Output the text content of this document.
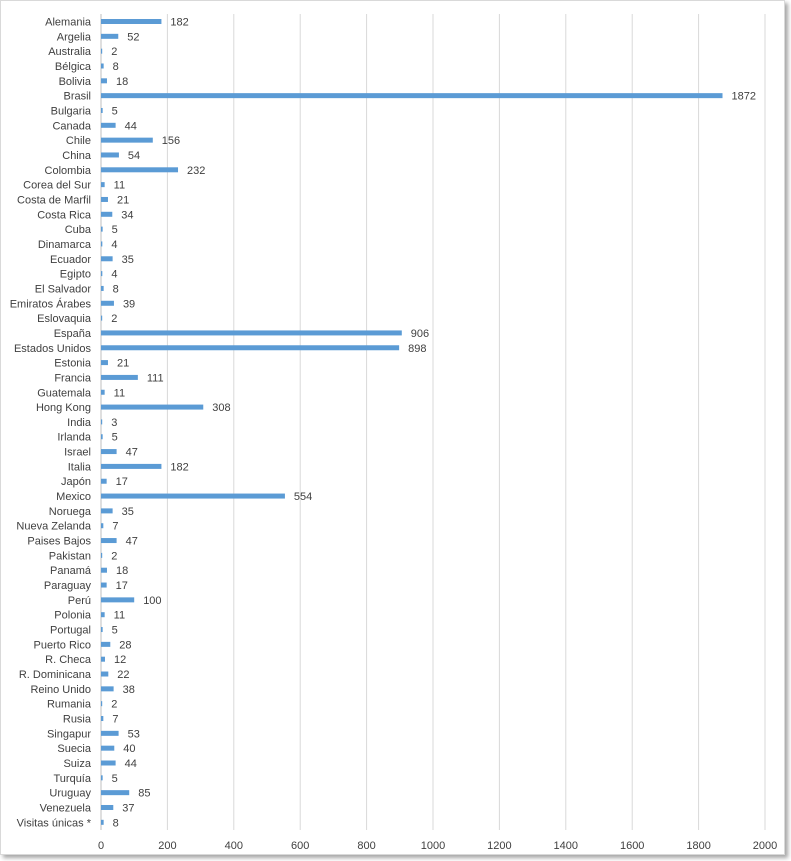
Alemania
Argelia
Australia
Bélgica
Bolivia
Brasil
Bulgaria
Canada
Chile
China
Colombia
Corea del Sur
Costa de Marfil
Costa Rica
Cuba
Dinamarca
Ecuador
Egipto
El Salvador
Emiratos Árabes
Eslovaquia
España
Estados Unidos
Estonia
Francia
Guatemala
Hong Kong
India
Irlanda
Israel
Italia
Japón
Mexico
Noruega
Nueva Zelanda
Paises Bajos
Pakistan
Panamá
Paraguay
Perú
Polonia
Portugal
Puerto Rico
R. Checa
R. Dominicana
Reino Unido
Rumania
Rusia
Singapur
Suecia
Suiza
Turquía
Uruguay
Venezuela
Visitas únicas *
182
52
2
8
18
1872
5
44
156
54
232
11
21
34
5
4
35
4
8
39
2
906
898
21
111
11
308
3
5
47
182
17
554
35
7
47
2
18
17
100
11
5
28
12
22
38
2
7
53
40
44
5
85
37
8
0	200	400	600	800	1000	1200	1400	1600	1800	2000
